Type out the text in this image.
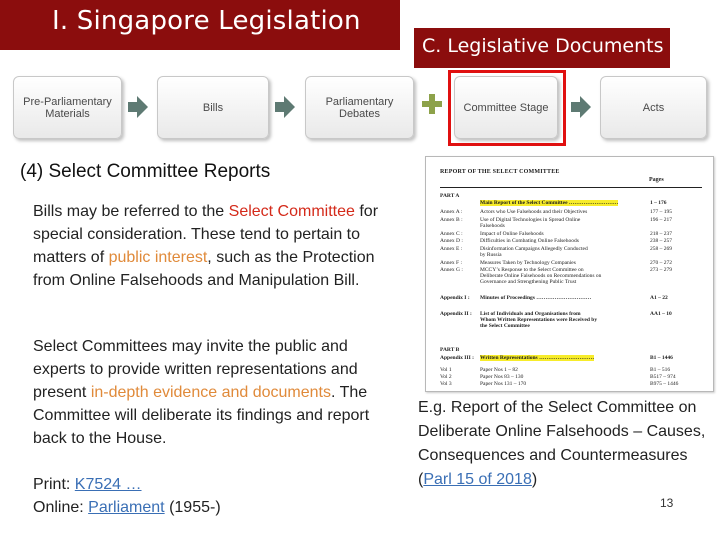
I. Singapore Legislation
C. Legislative Documents
Pre-Parliamentary Materials	Bills	Parliamentary Debates	Committee Stage	Acts
(4) Select Committee Reports
Bills may be referred to the Select Committee for special consideration. These tend to pertain to matters of public interest, such as the Protection from Online Falsehoods and Manipulation Bill.
Select Committees may invite the public and experts to provide written representations and present in-depth evidence and documents. The Committee will deliberate its findings and report back to the House.
Print: K7524 …
Online: Parliament (1955-)
REPORT OF THE SELECT COMMITTEE
Pages
PART A
Main Report of the Select Committee ………………………	1 – 176
Annex A :	Actors who Use Falsehoods and their Objectives	177 – 195
Annex B :	Use of Digital Technologies in Spread Online	196 – 217
Falsehoods
Annex C :	Impact of Online Falsehoods	218 – 237
Annex D :	Difficulties in Combating Online Falsehoods	238 – 257
Annex E :	Disinformation Campaigns Allegedly Conducted	258 – 269
by Russia
Annex F :	Measures Taken by Technology Companies	270 – 272
Annex G :	MCCY’s Response to the Select Committee on	273 – 279
Deliberate Online Falsehoods on Recommendations on
Governance and Strengthening Public Trust
Appendix I : Minutes of Proceedings …………………………	A1 – 22
Appendix II : List of Individuals and Organisations from	AA1 – 10
Whom Written Representations were Received by
the Select Committee
PART B
Appendix III : Written Representations …………………………	B1 – 1446
Vol 1	Paper Nos 1 – 82	B1 – 516
Vol 2	Paper Nos 83 – 130	B517 – 974
Vol 3	Paper Nos 131 – 170	B975 – 1446
E.g. Report of the Select Committee on Deliberate Online Falsehoods – Causes, Consequences and Countermeasures (Parl 15 of 2018)
13
